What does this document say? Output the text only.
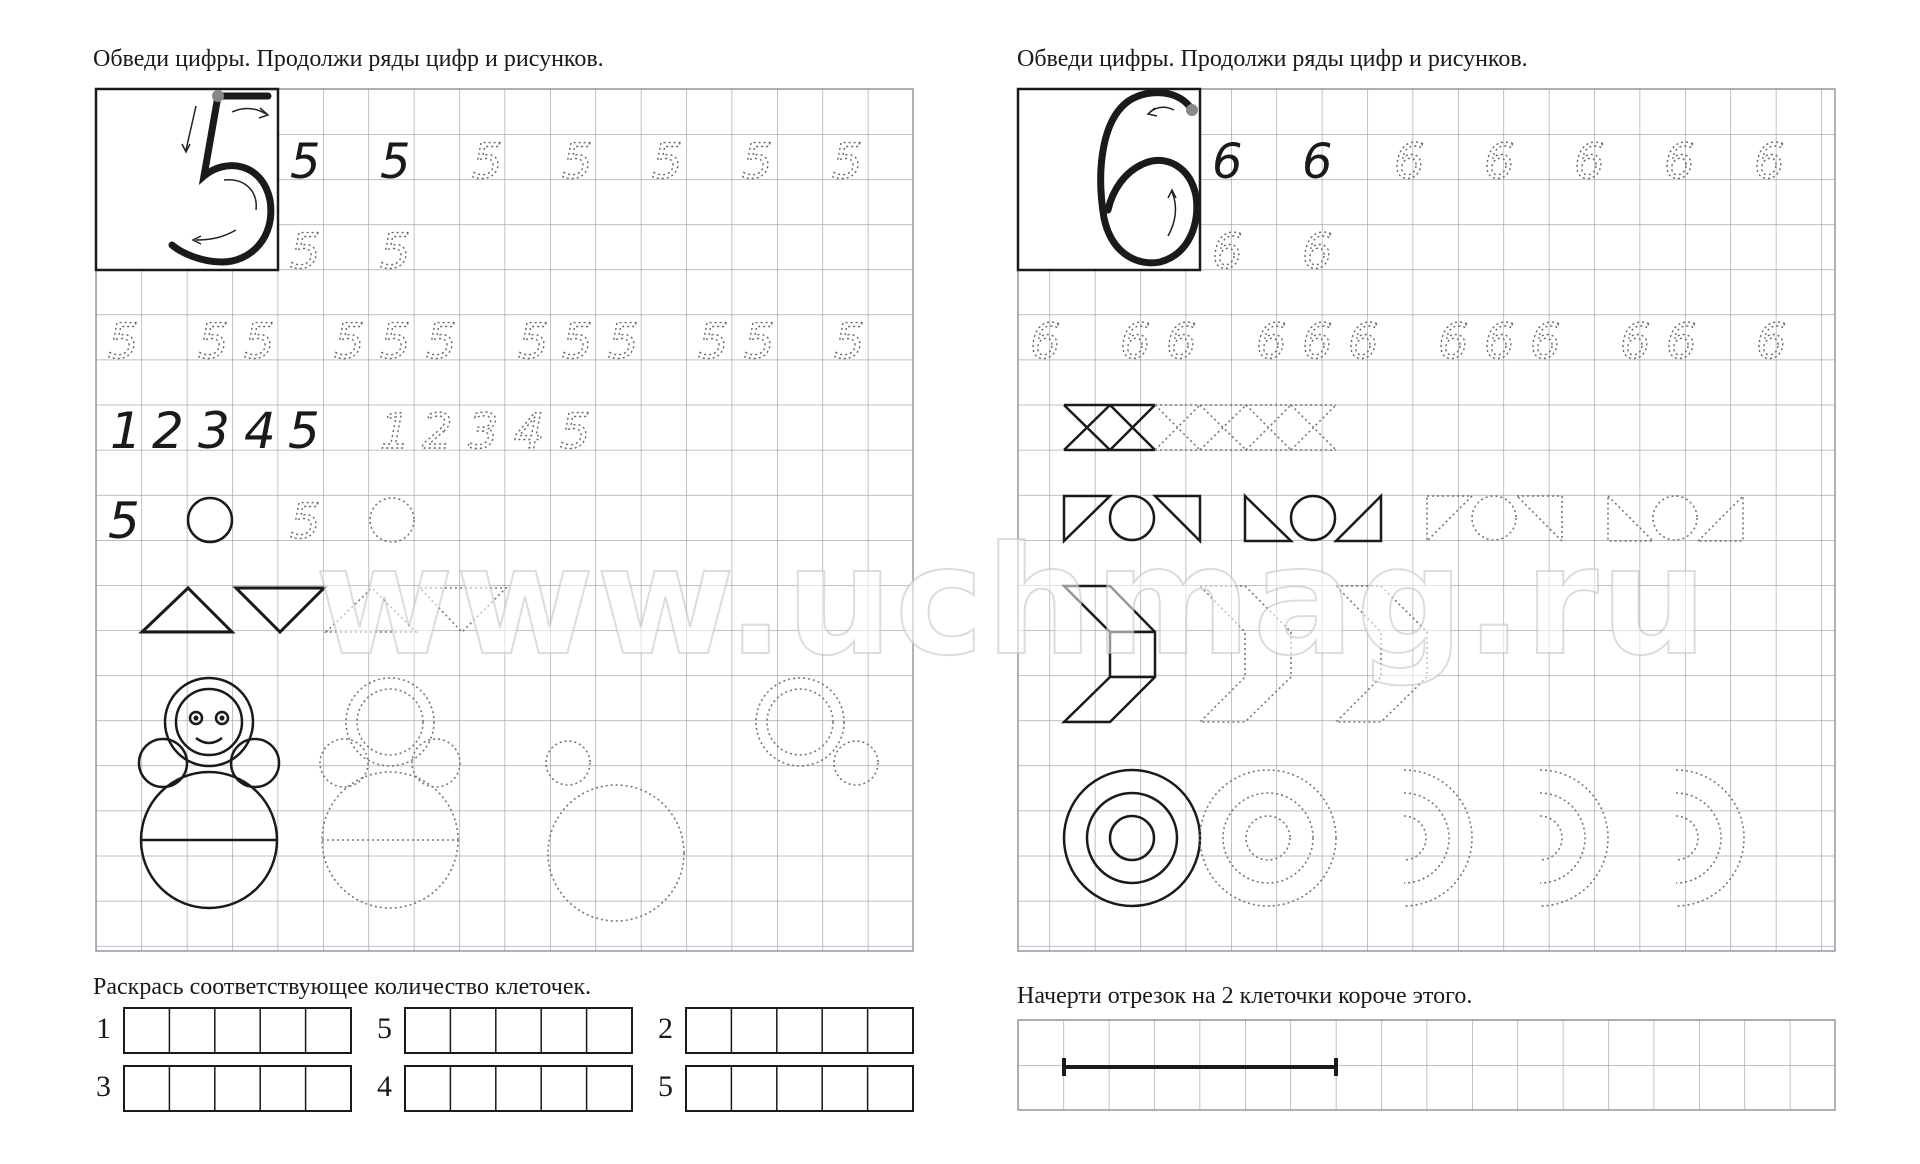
Обведи цифры. Продолжи ряды цифр и рисунков.	Обведи цифры. Продолжи ряды цифр и рисунков.
Раскрась соответствующее количество клеточек.	Начерти отрезок на 2 клеточки короче этого.
5 5 5 5 5 5 5
5 5
5 5 5 5 5 5 5 5 5 5 5 5
1 2 3 4 5
5
1 2 3 4 5
5
6 6 6 6 6 6 6
6 6
6 6 6 6 6 6 6 6 6 6 6 6
1	5	2
3	4	5
www.uchmag.ru
